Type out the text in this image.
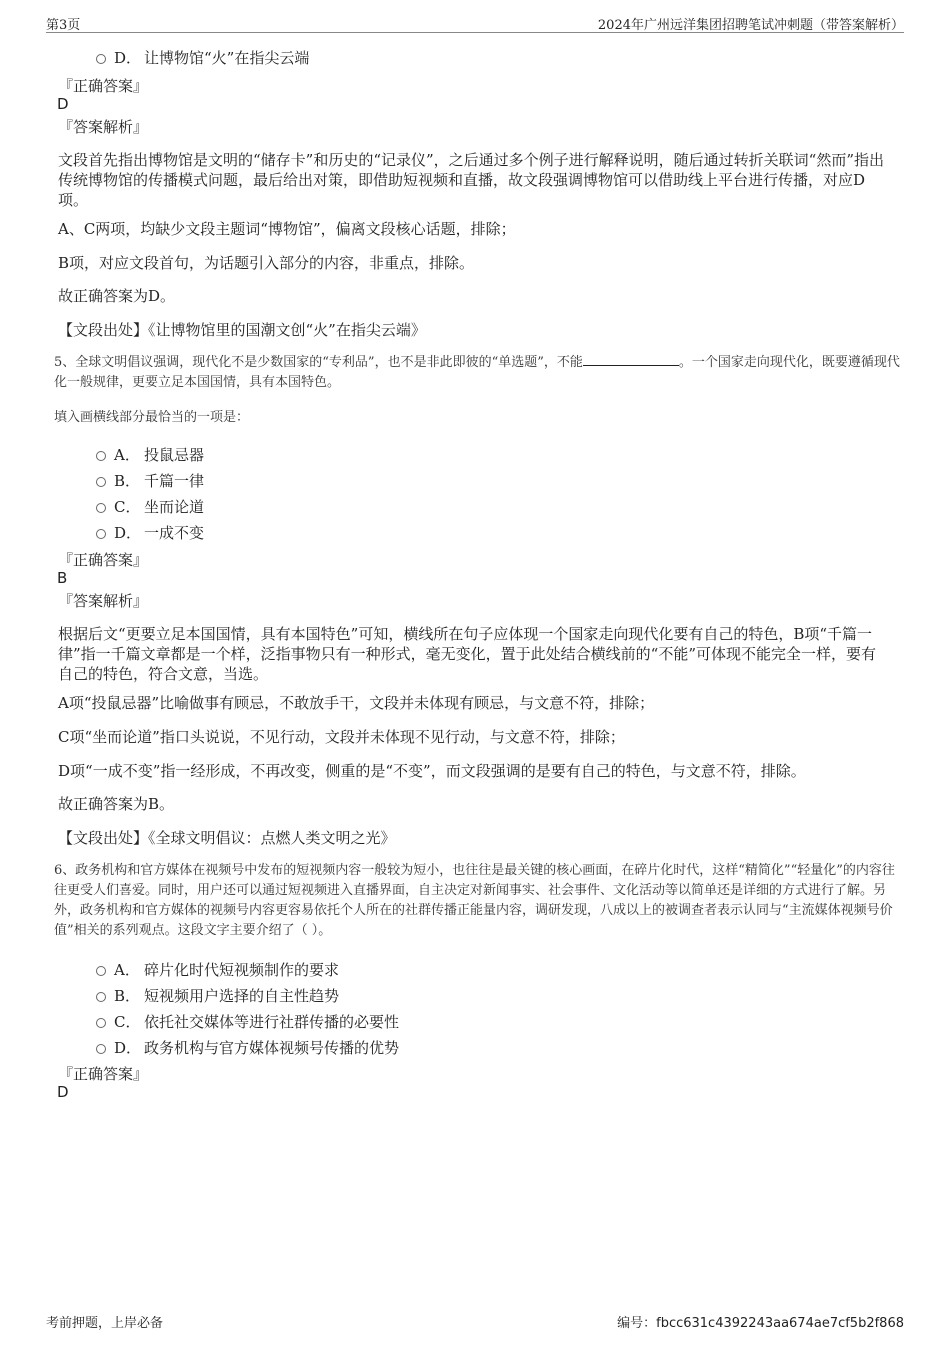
第3页	2024年广州远洋集团招聘笔试冲刺题（带答案解析）
D． 让博物馆“火”在指尖云端
『正确答案』
D
『答案解析』
文段首先指出博物馆是文明的“储存卡”和历史的“记录仪”，之后通过多个例子进行解释说明，随后通过转折关联词“然而”指出传统博物馆的传播模式问题，最后给出对策，即借助短视频和直播，故文段强调博物馆可以借助线上平台进行传播，对应D项。
A、C两项，均缺少文段主题词“博物馆”，偏离文段核心话题，排除；
B项，对应文段首句，为话题引入部分的内容，非重点，排除。
故正确答案为D。
【文段出处】《让博物馆里的国潮文创“火”在指尖云端》
5、全球文明倡议强调，现代化不是少数国家的“专利品”，也不是非此即彼的“单选题”，不能	。一个国家走向现代化，既要遵循现代化一般规律，更要立足本国国情，具有本国特色。
填入画横线部分最恰当的一项是：
A． 投鼠忌器
B． 千篇一律
C． 坐而论道
D． 一成不变
『正确答案』
B
『答案解析』
根据后文“更要立足本国国情，具有本国特色”可知，横线所在句子应体现一个国家走向现代化要有自己的特色，B项“千篇一律”指一千篇文章都是一个样，泛指事物只有一种形式，毫无变化，置于此处结合横线前的“不能”可体现不能完全一样，要有自己的特色，符合文意，当选。
A项“投鼠忌器”比喻做事有顾忌，不敢放手干，文段并未体现有顾忌，与文意不符，排除；
C项“坐而论道”指口头说说，不见行动，文段并未体现不见行动，与文意不符，排除；
D项“一成不变”指一经形成，不再改变，侧重的是“不变”，而文段强调的是要有自己的特色，与文意不符，排除。
故正确答案为B。
【文段出处】《全球文明倡议：点燃人类文明之光》
6、政务机构和官方媒体在视频号中发布的短视频内容一般较为短小，也往往是最关键的核心画面，在碎片化时代，这样“精简化”“轻量化”的内容往往更受人们喜爱。同时，用户还可以通过短视频进入直播界面，自主决定对新闻事实、社会事件、文化活动等以简单还是详细的方式进行了解。另外，政务机构和官方媒体的视频号内容更容易依托个人所在的社群传播正能量内容，调研发现，八成以上的被调查者表示认同与“主流媒体视频号价值”相关的系列观点。这段文字主要介绍了（ ）。
A． 碎片化时代短视频制作的要求
B． 短视频用户选择的自主性趋势
C． 依托社交媒体等进行社群传播的必要性
D． 政务机构与官方媒体视频号传播的优势
『正确答案』
D
考前押题，上岸必备	编号：fbcc631c4392243aa674ae7cf5b2f868
